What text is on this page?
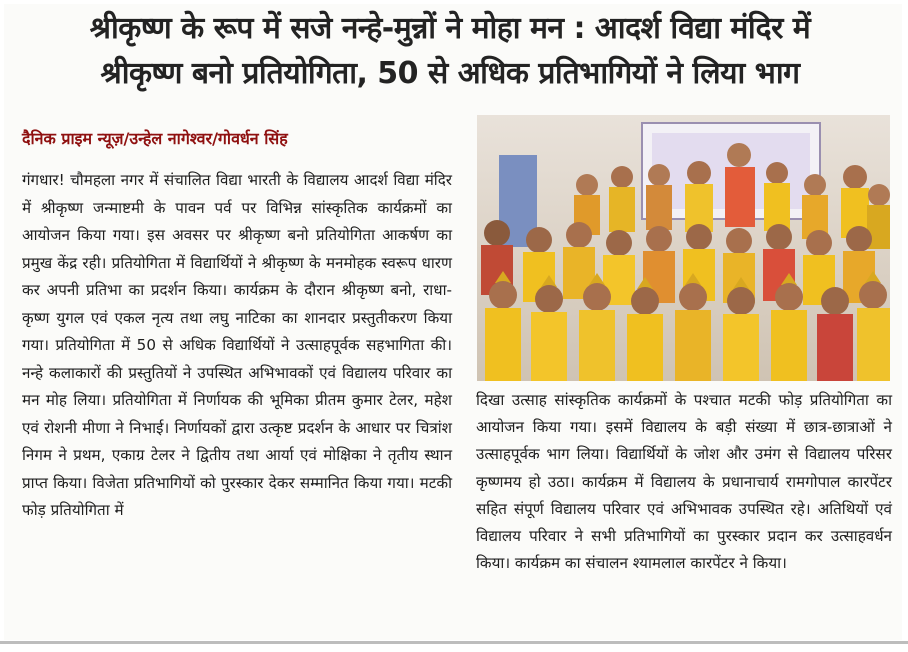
श्रीकृष्ण के रूप में सजे नन्हे-मुन्नों ने मोहा मन : आदर्श विद्या मंदिर में
श्रीकृष्ण बनो प्रतियोगिता, 50 से अधिक प्रतिभागियों ने लिया भाग
दैनिक प्राइम न्यूज़/उन्हेल नागेश्वर/गोवर्धन सिंह
गंगधार! चौमहला नगर में संचालित विद्या भारती के विद्यालय आदर्श विद्या मंदिर में श्रीकृष्ण जन्माष्टमी के पावन पर्व पर विभिन्न सांस्कृतिक कार्यक्रमों का आयोजन किया गया। इस अवसर पर श्रीकृष्ण बनो प्रतियोगिता आकर्षण का प्रमुख केंद्र रही। प्रतियोगिता में विद्यार्थियों ने श्रीकृष्ण के मनमोहक स्वरूप धारण कर अपनी प्रतिभा का प्रदर्शन किया। कार्यक्रम के दौरान श्रीकृष्ण बनो, राधा-कृष्ण युगल एवं एकल नृत्य तथा लघु नाटिका का शानदार प्रस्तुतीकरण किया गया। प्रतियोगिता में 50 से अधिक विद्यार्थियों ने उत्साहपूर्वक सहभागिता की। नन्हे कलाकारों की प्रस्तुतियों ने उपस्थित अभिभावकों एवं विद्यालय परिवार का मन मोह लिया। प्रतियोगिता में निर्णायक की भूमिका प्रीतम कुमार टेलर, महेश एवं रोशनी मीणा ने निभाई। निर्णायकों द्वारा उत्कृष्ट प्रदर्शन के आधार पर चित्रांश निगम ने प्रथम, एकाग्र टेलर ने द्वितीय तथा आर्या एवं मोक्षिका ने तृतीय स्थान प्राप्त किया। विजेता प्रतिभागियों को पुरस्कार देकर सम्मानित किया गया। मटकी फोड़ प्रतियोगिता में
दिखा उत्साह सांस्कृतिक कार्यक्रमों के पश्चात मटकी फोड़ प्रतियोगिता का आयोजन किया गया। इसमें विद्यालय के बड़ी संख्या में छात्र-छात्राओं ने उत्साहपूर्वक भाग लिया। विद्यार्थियों के जोश और उमंग से विद्यालय परिसर कृष्णमय हो उठा। कार्यक्रम में विद्यालय के प्रधानाचार्य रामगोपाल कारपेंटर सहित संपूर्ण विद्यालय परिवार एवं अभिभावक उपस्थित रहे। अतिथियों एवं विद्यालय परिवार ने सभी प्रतिभागियों का पुरस्कार प्रदान कर उत्साहवर्धन किया। कार्यक्रम का संचालन श्यामलाल कारपेंटर ने किया।
